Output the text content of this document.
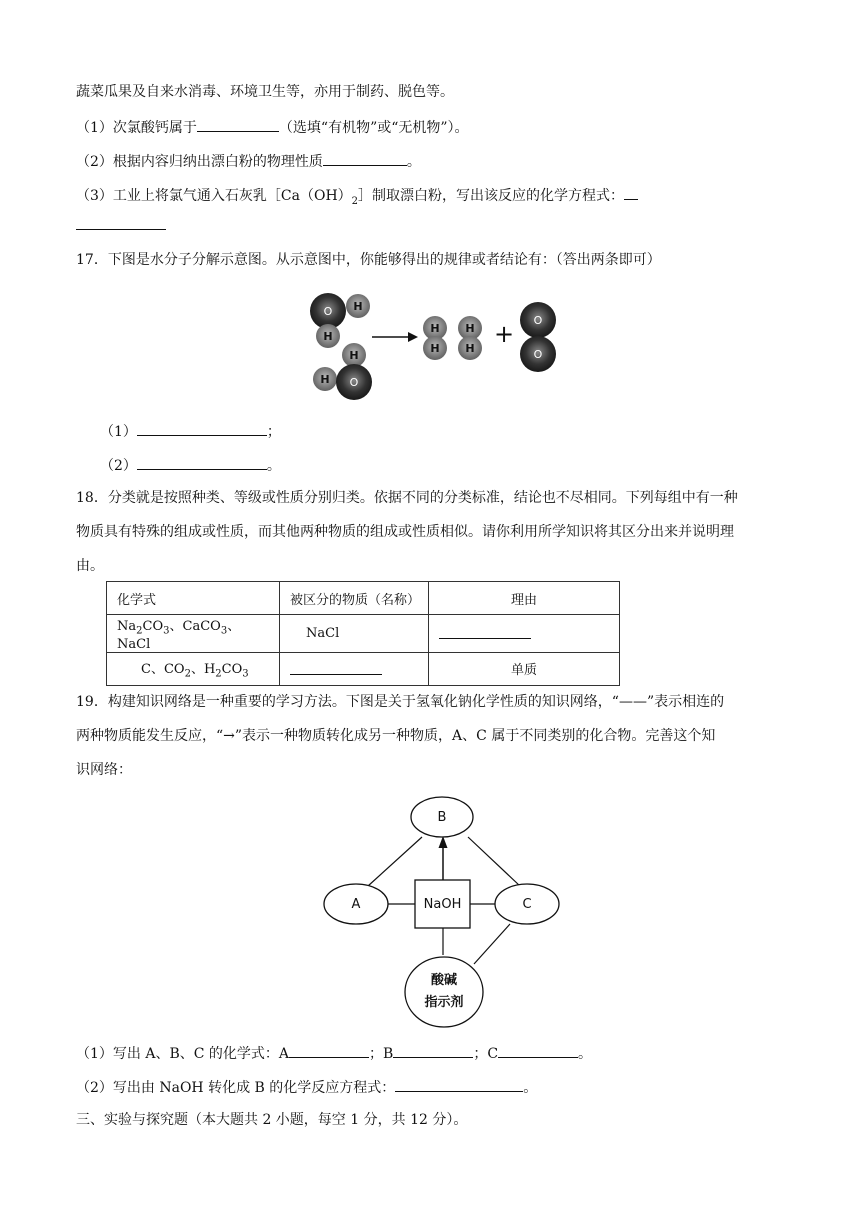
蔬菜瓜果及自来水消毒、环境卫生等，亦用于制药、脱色等。
（1）次氯酸钙属于	（选填“有机物”或“无机物”）。
（2）根据内容归纳出漂白粉的物理性质	。
（3）工业上将氯气通入石灰乳$[Ca(OH)_2]$制取漂白粉，写出该反应的化学方程式：
17．下图是水分子分解示意图。从示意图中，你能够得出的规律或者结论有：（答出两条即可）
O	H
H
H
H	O
H
H
H
H +	O
O
（1）	；
（2）	。
18．分类就是按照种类、等级或性质分别归类。依据不同的分类标准，结论也不尽相同。下列每组中有一种
物质具有特殊的组成或性质，而其他两种物质的组成或性质相似。请你利用所学知识将其区分出来并说明理
由。
化学式	被区分的物质（名称）	理由
$Na_2CO_3$、CaCO$_3$、NaCl	NaCl	
C、$CO_2$、$H_2CO_3$		单质
19．构建知识网络是一种重要的学习方法。下图是关于氢氧化钠化学性质的知识网络，“——”表示相连的
两种物质能发生反应，“→”表示一种物质转化成另一种物质，A、C 属于不同类别的化合物。完善这个知
识网络：
B
A	C
NaOH
酸碱
指示剂
（1）写出 A、B、C 的化学式：A	；B	；C	。
（2）写出由 NaOH 转化成 B 的化学反应方程式：	。
三、实验与探究题（本大题共 2 小题，每空 1 分，共 12 分）。
